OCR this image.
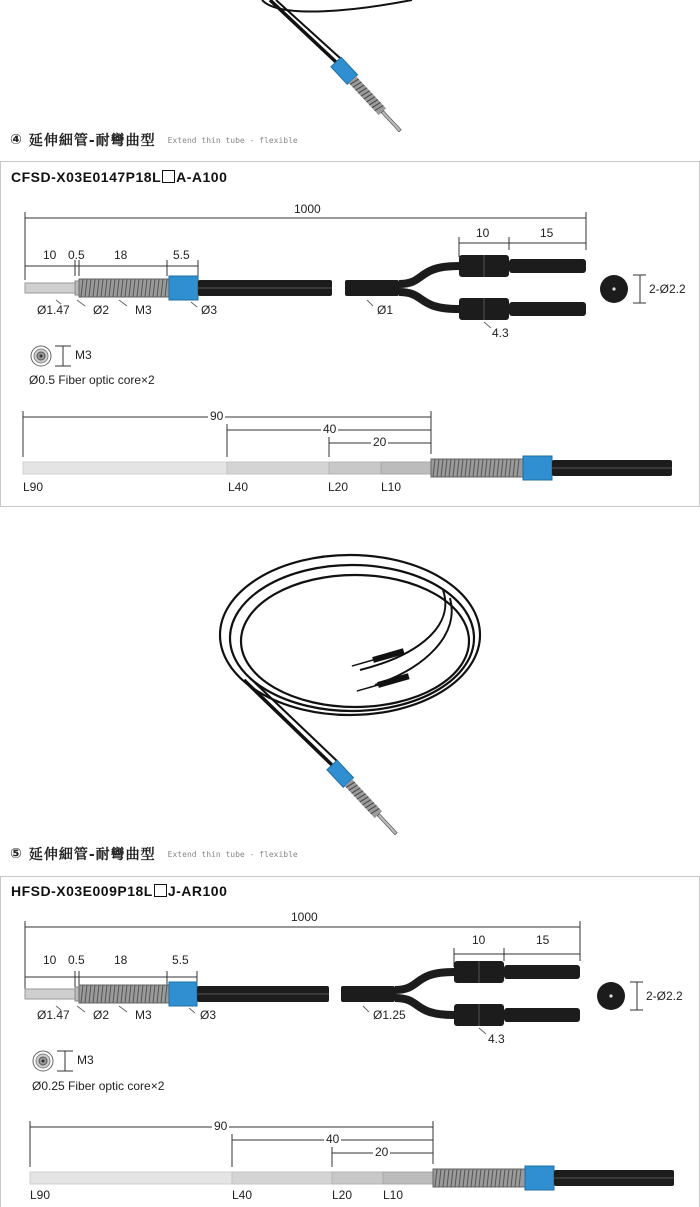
④ 延伸細管-耐彎曲型 Extend thin tube - flexible
CFSD-X03E0147P18L A-A100
1000
10 0.5 18	5.5
10	15
Ø1.47 Ø2 M3	Ø3	Ø1
4.3
2-Ø2.2
M3
Ø0.5 Fiber optic core×2
90
40
20
L90	L40	L20	L10
⑤ 延伸細管-耐彎曲型 Extend thin tube - flexible
HFSD-X03E009P18L J-AR100
1000
10 0.5 18	5.5
10	15
Ø1.47 Ø2 M3	Ø3	Ø1.25
4.3
2-Ø2.2
M3
Ø0.25 Fiber optic core×2
90
40
20
L90	L40	L20	L10
